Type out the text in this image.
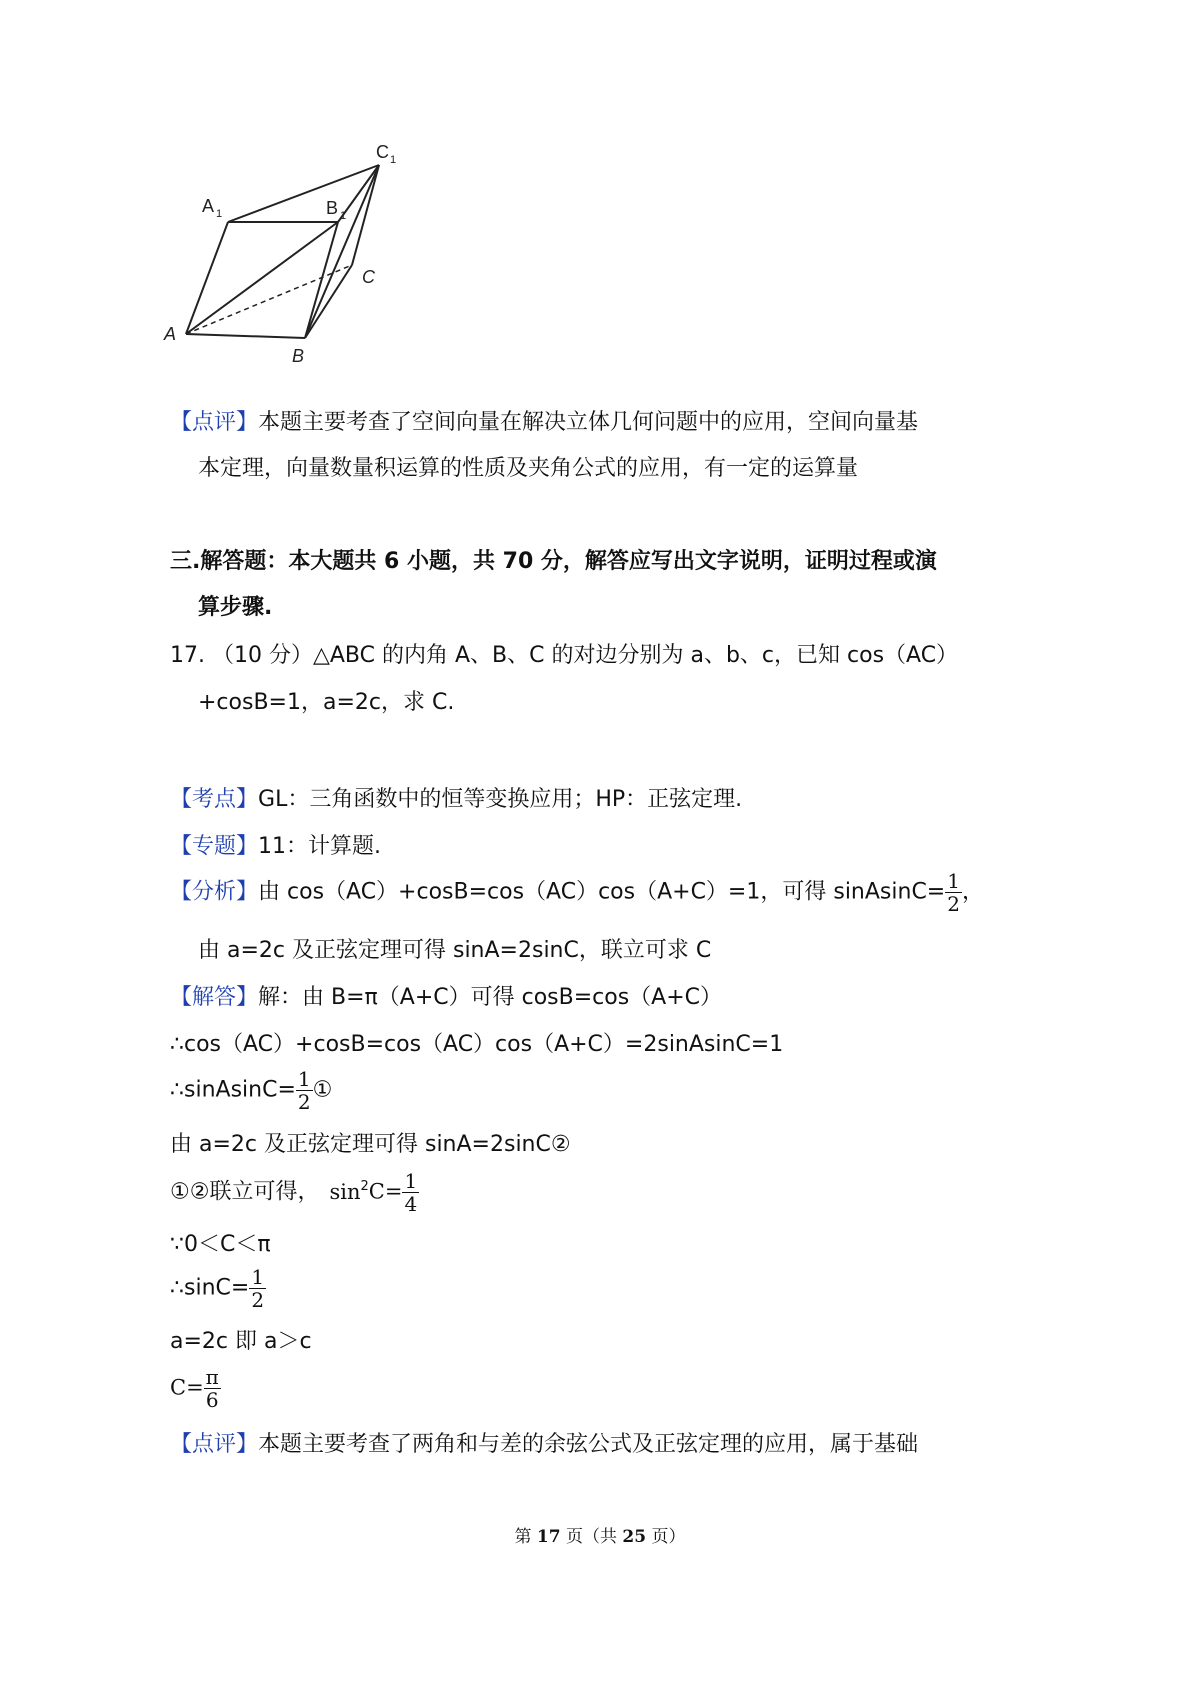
C 1
A 1	B 1
C
A
B
【点评】本题主要考查了空间向量在解决立体几何问题中的应用，空间向量基
本定理，向量数量积运算的性质及夹角公式的应用，有一定的运算量
三.解答题：本大题共 6 小题，共 70 分，解答应写出文字说明，证明过程或演
算步骤.
17. （10 分）△ABC 的内角 A、B、C 的对边分别为 a、b、c，已知 cos（A﻿C）
+cosB=1，a=2c，求 C.
【考点】GL：三角函数中的恒等变换应用；HP：正弦定理.
【专题】11：计算题.
【分析】由 cos（A﻿C）+cosB=cos（A﻿C）﻿cos（A+C）=1，可得 sinAsinC= $\frac{1}{2}$ ，
由 a=2c 及正弦定理可得 sinA=2sinC，联立可求 C
【解答】解：由 B=π﻿（A+C）可得 cosB=﻿cos（A+C）
∴cos（A﻿C）+cosB=cos（A﻿C）﻿cos（A+C）=2sinAsinC=1
∴sinAsinC= $\frac{1}{2}$ ①
由 a=2c 及正弦定理可得 sinA=2sinC②
①②联立可得， $\sin^2C= \frac{1}{4}$
∵0＜C＜π
∴sinC= $\frac{1}{2}$
a=2c 即 a＞c
$C= \frac{\pi}{6}$
【点评】本题主要考查了两角和与差的余弦公式及正弦定理的应用，属于基础
第 17 页（共 25 页）
